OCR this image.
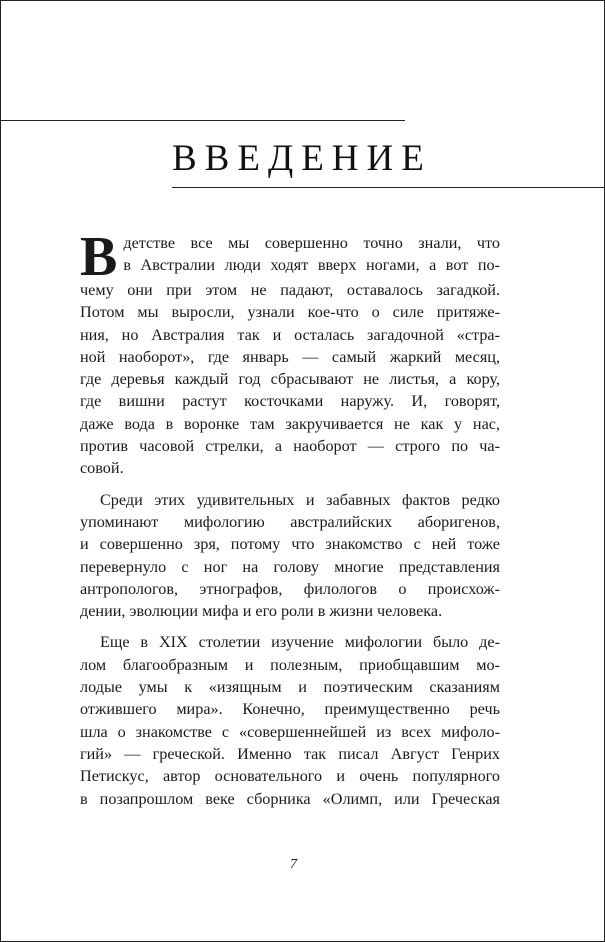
ВВЕДЕНИЕ
В детстве все мы совершенно точно знали, что
в Австралии люди ходят вверх ногами, а вот по-
чему они при этом не падают, оставалось загадкой.
Потом мы выросли, узнали кое-что о силе притяже-
ния, но Австралия так и осталась загадочной «стра-
ной наоборот», где январь — самый жаркий месяц,
где деревья каждый год сбрасывают не листья, а кору,
где вишни растут косточками наружу. И, говорят,
даже вода в воронке там закручивается не как у нас,
против часовой стрелки, а наоборот — строго по ча-
совой.
Среди этих удивительных и забавных фактов редко
упоминают мифологию австралийских аборигенов,
и совершенно зря, потому что знакомство с ней тоже
перевернуло с ног на голову многие представления
антропологов, этнографов, филологов о происхож-
дении, эволюции мифа и его роли в жизни человека.
Еще в XIX столетии изучение мифологии было де-
лом благообразным и полезным, приобщавшим мо-
лодые умы к «изящным и поэтическим сказаниям
отжившего мира». Конечно, преимущественно речь
шла о знакомстве с «совершеннейшей из всех мифоло-
гий» — греческой. Именно так писал Август Генрих
Петискус, автор основательного и очень популярного
в позапрошлом веке сборника «Олимп, или Греческая
7
